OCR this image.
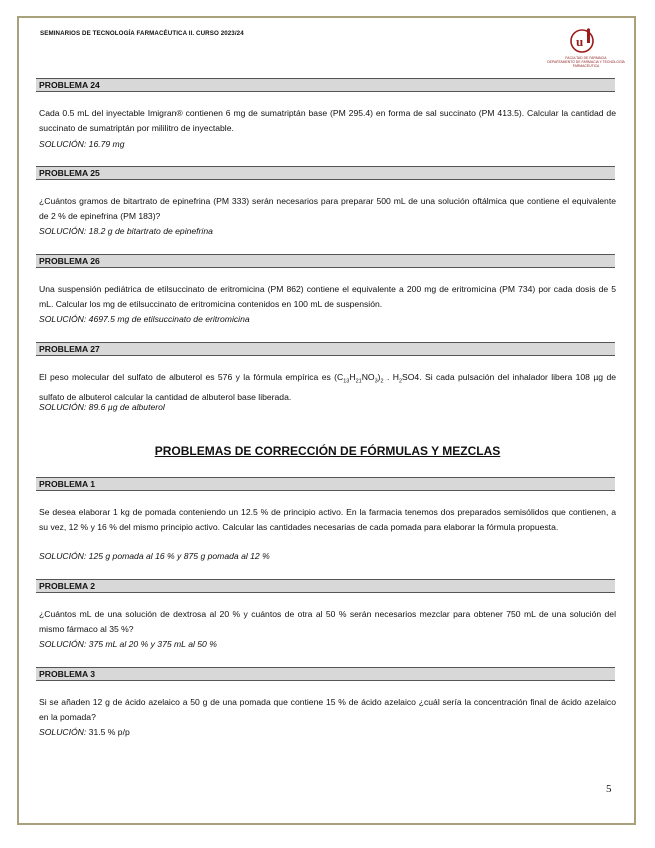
SEMINARIOS DE TECNOLOGÍA FARMACÉUTICA II. CURSO 2023/24
u
FACULTAD DE FARMACIA
DEPARTAMENTO DE FARMACIA Y TECNOLOGÍA FARMACÉUTICA
PROBLEMA 24
Cada 0.5 mL del inyectable Imigran® contienen 6 mg de sumatriptán base (PM 295.4) en forma de sal succinato (PM 413.5). Calcular la cantidad de succinato de sumatriptán por mililitro de inyectable.
SOLUCIÓN: 16.79 mg
PROBLEMA 25
¿Cuántos gramos de bitartrato de epinefrina (PM 333) serán necesarios para preparar 500 mL de una solución oftálmica que contiene el equivalente de 2 % de epinefrina (PM 183)?
SOLUCIÓN: 18.2 g de bitartrato de epinefrina
PROBLEMA 26
Una suspensión pediátrica de etilsuccinato de eritromicina (PM 862) contiene el equivalente a 200 mg de eritromicina (PM 734) por cada dosis de 5 mL. Calcular los mg de etilsuccinato de eritromicina contenidos en 100 mL de suspensión.
SOLUCIÓN: 4697.5 mg de etilsuccinato de eritromicina
PROBLEMA 27
El peso molecular del sulfato de albuterol es 576 y la fórmula empírica es $(C_{13}H_{21}NO_3)_2$ . $H_2SO4$. Si cada pulsación del inhalador libera 108 µg de sulfato de albuterol calcular la cantidad de albuterol base liberada.
SOLUCIÓN: 89.6 µg de albuterol
PROBLEMAS DE CORRECCIÓN DE FÓRMULAS Y MEZCLAS
PROBLEMA 1
Se desea elaborar 1 kg de pomada conteniendo un 12.5 % de principio activo. En la farmacia tenemos dos preparados semisólidos que contienen, a su vez, 12 % y 16 % del mismo principio activo. Calcular las cantidades necesarias de cada pomada para elaborar la fórmula propuesta.
SOLUCIÓN: 125 g pomada al 16 % y 875 g pomada al 12 %
PROBLEMA 2
¿Cuántos mL de una solución de dextrosa al 20 % y cuántos de otra al 50 % serán necesarios mezclar para obtener 750 mL de una solución del mismo fármaco al 35 %?
SOLUCIÓN: 375 mL al 20 % y 375 mL al 50 %
PROBLEMA 3
Si se añaden 12 g de ácido azelaico a 50 g de una pomada que contiene 15 % de ácido azelaico ¿cuál sería la concentración final de ácido azelaico en la pomada?
SOLUCIÓN: 31.5 % p/p
5
